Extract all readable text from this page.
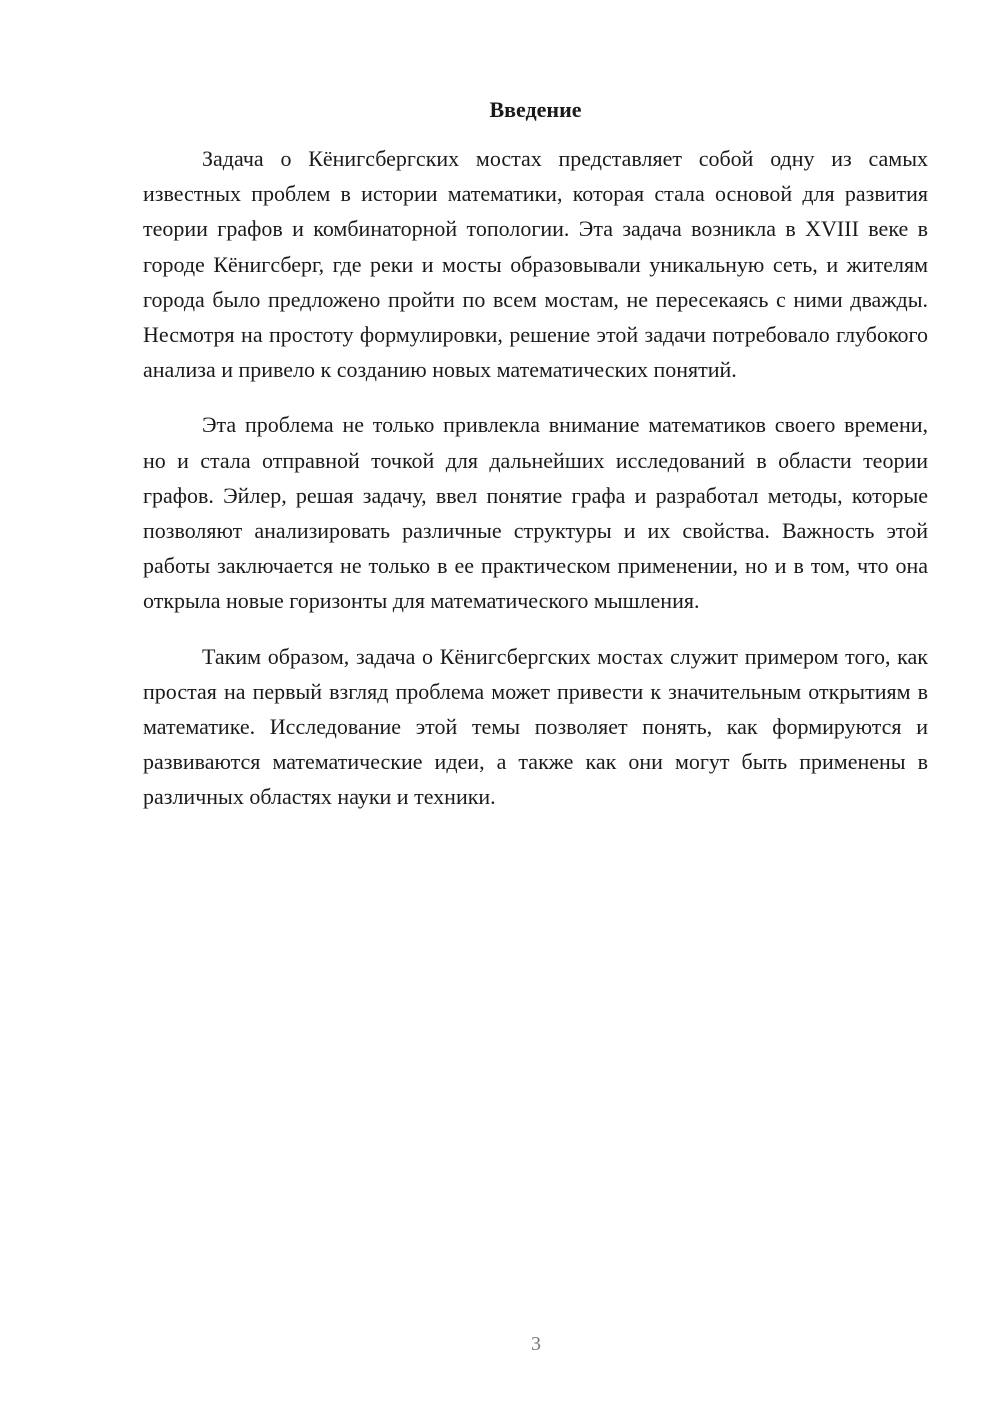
Введение

Задача о Кёнигсбергских мостах представляет собой одну из самых известных проблем в истории математики, которая стала основой для развития теории графов и комбинаторной топологии. Эта задача возникла в XVIII веке в городе Кёнигсберг, где реки и мосты образовывали уникальную сеть, и жителям города было предложено пройти по всем мостам, не пересекаясь с ними дважды. Несмотря на простоту формулировки, решение этой задачи потребовало глубокого анализа и привело к созданию новых математических понятий.

Эта проблема не только привлекла внимание математиков своего времени, но и стала отправной точкой для дальнейших исследований в области теории графов. Эйлер, решая задачу, ввел понятие графа и разработал методы, которые позволяют анализировать различные структуры и их свойства. Важность этой работы заключается не только в ее практическом применении, но и в том, что она открыла новые горизонты для математического мышления.

Таким образом, задача о Кёнигсбергских мостах служит примером того, как простая на первый взгляд проблема может привести к значительным открытиям в математике. Исследование этой темы позволяет понять, как формируются и развиваются математические идеи, а также как они могут быть применены в различных областях науки и техники.

3
